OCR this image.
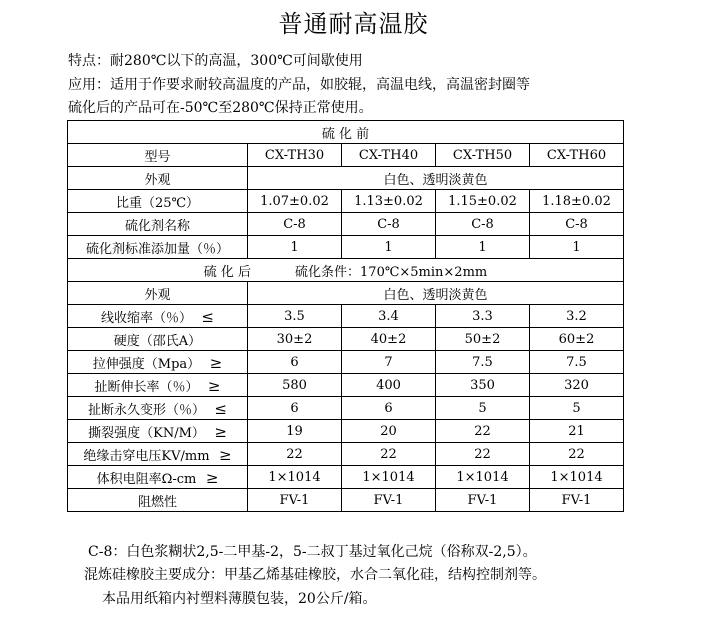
普通耐高温胶
特点：耐280℃以下的高温，300℃可间歇使用
应用：适用于作要求耐较高温度的产品，如胶辊，高温电线，高温密封圈等
硫化后的产品可在-50℃至280℃保持正常使用。
硫 化 前				
型号	CX-TH30	CX-TH40	CX-TH50	CX-TH60
外观	白色、透明淡黄色			
比重（25℃）	1.07±0.02	1.13±0.02	1.15±0.02	1.18±0.02
硫化剂名称	C-8	C-8	C-8	C-8
硫化剂标准添加量（％）	1	1	1	1
硫 化 后 硫化条件：170℃×5min×2mm				
外观	白色、透明淡黄色			
线收缩率（％） ≤	3.5	3.4	3.3	3.2
硬度（邵氏A）	30±2	40±2	50±2	60±2
拉伸强度（Mpa） ≥	6	7	7.5	7.5
扯断伸长率（％） ≥	580	400	350	320
扯断永久变形（％） ≤	6	6	5	5
撕裂强度（KN/M） ≥	19	20	22	21
绝缘击穿电压KV/mm ≥	22	22	22	22
体积电阻率Ω-cm ≥	1×1014	1×1014	1×1014	1×1014
阻燃性	FV-1	FV-1	FV-1	FV-1
C-8：白色浆糊状2,5-二甲基-2，5-二叔丁基过氧化己烷（俗称双-2,5）。
混炼硅橡胶主要成分：甲基乙烯基硅橡胶，水合二氧化硅，结构控制剂等。
本品用纸箱内衬塑料薄膜包装，20公斤/箱。
